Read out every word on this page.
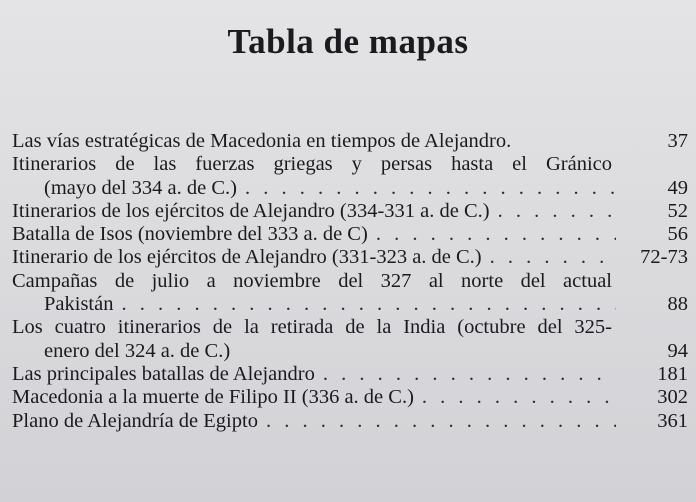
Tabla de mapas
Las vías estratégicas de Macedonia en tiempos de Alejandro.	37
Itinerarios de las fuerzas griegas y persas hasta el Gránico
(mayo del 334 a. de C.) . . .	49
Itinerarios de los ejércitos de Alejandro (334-331 a. de C.) . . .	52
Batalla de Isos (noviembre del 333 a. de C) . . .	56
Itinerario de los ejércitos de Alejandro (331-323 a. de C.) . . .	72-73
Campañas de julio a noviembre del 327 al norte del actual
Pakistán . . .	88
Los cuatro itinerarios de la retirada de la India (octubre del 325-
enero del 324 a. de C.)	94
Las principales batallas de Alejandro . . .	181
Macedonia a la muerte de Filipo II (336 a. de C.) . . .	302
Plano de Alejandría de Egipto . . .	361
